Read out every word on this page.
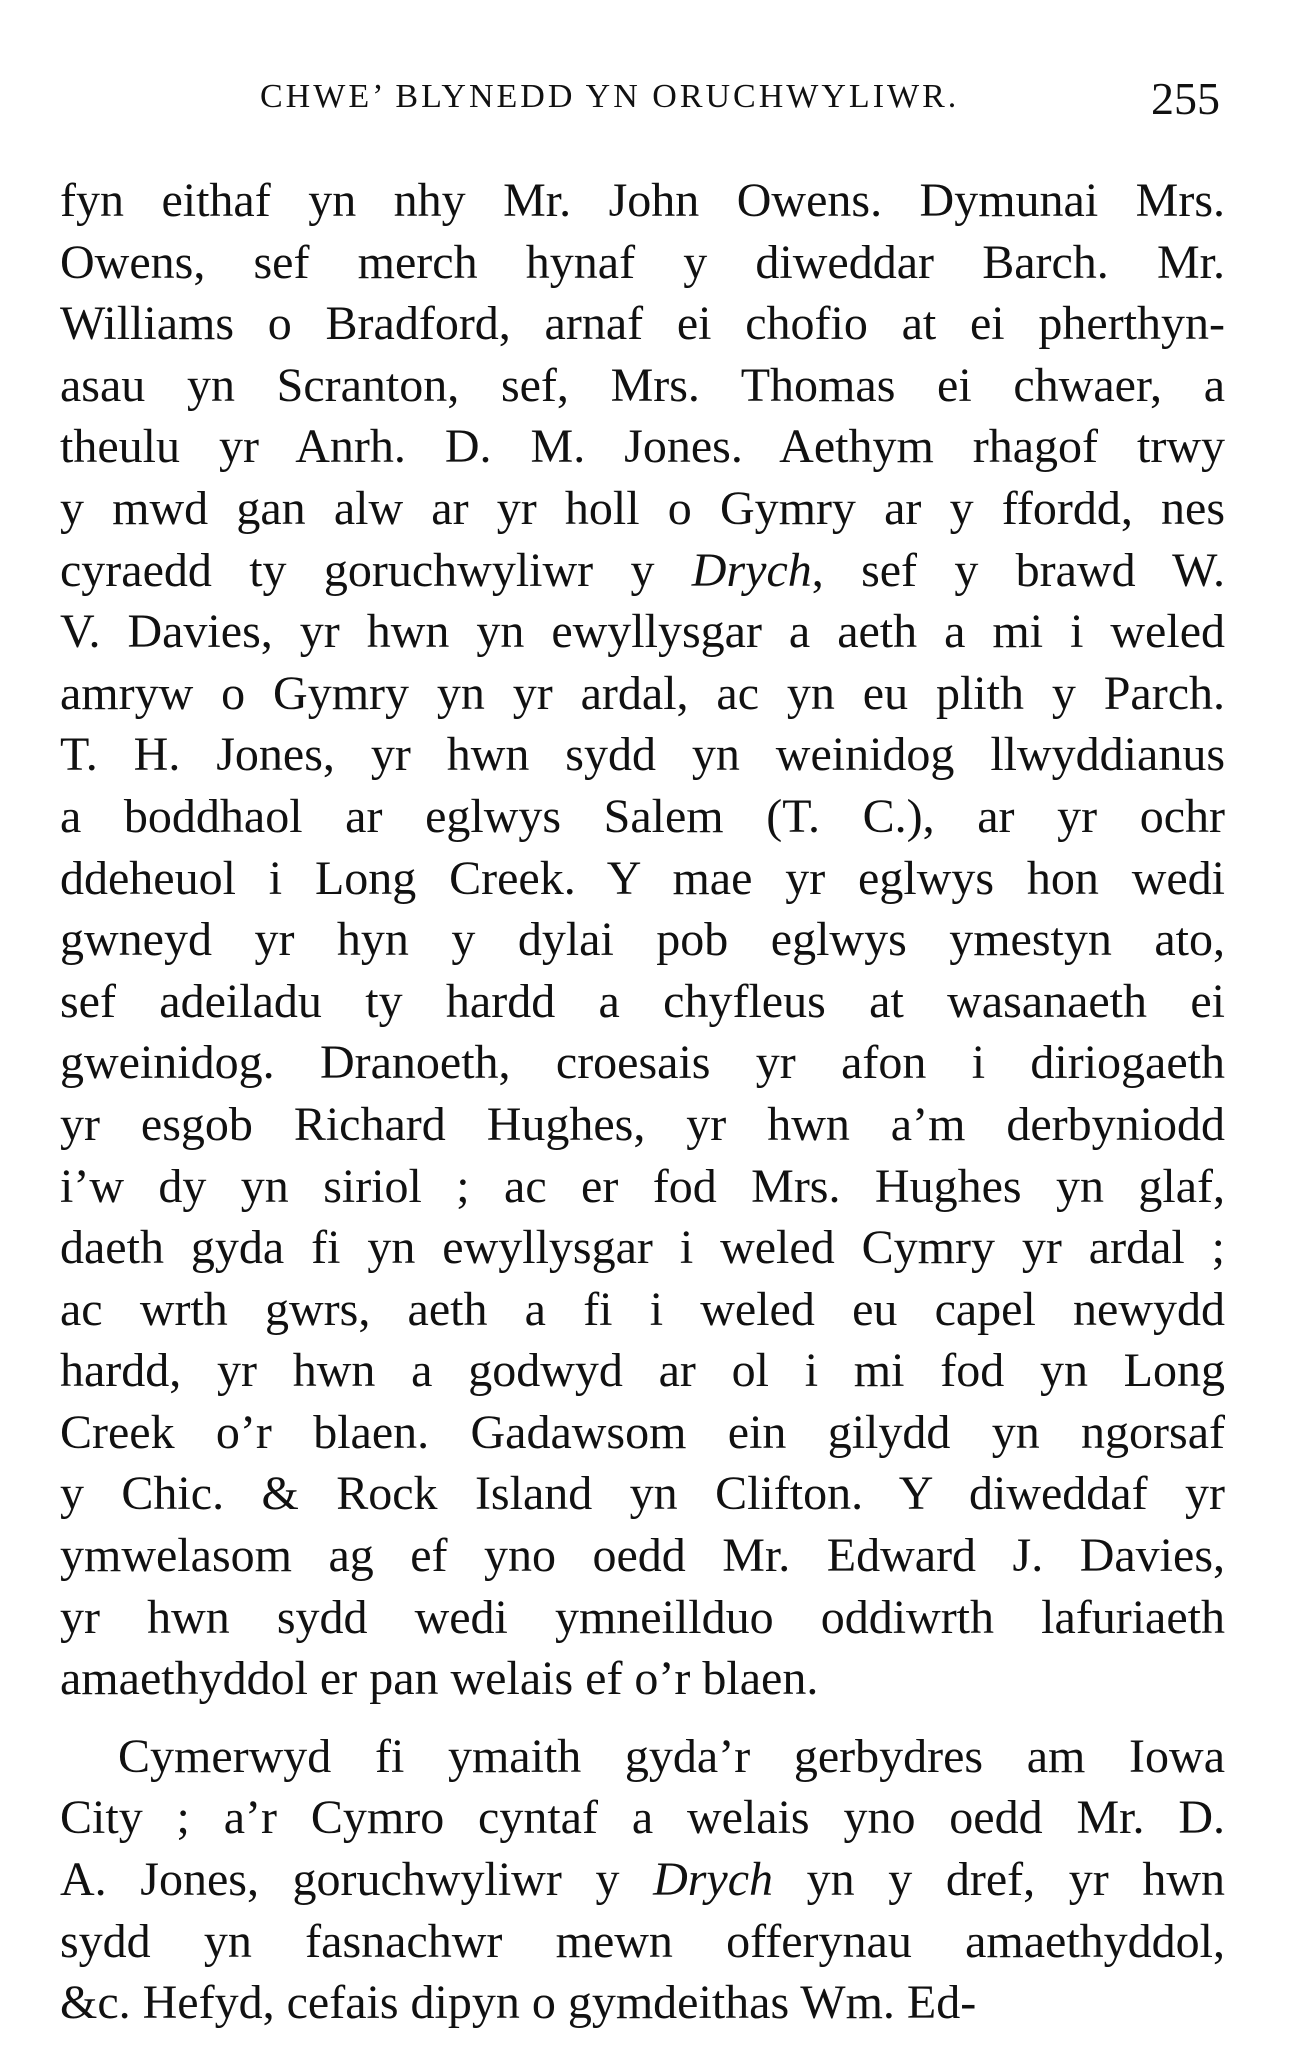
CHWE’ BLYNEDD YN ORUCHWYLIWR.	255
fyn eithaf yn nhy Mr. John Owens. Dymunai Mrs.
Owens, sef merch hynaf y diweddar Barch. Mr.
Williams o Bradford, arnaf ei chofio at ei pherthyn-
asau yn Scranton, sef, Mrs. Thomas ei chwaer, a
theulu yr Anrh. D. M. Jones. Aethym rhagof trwy
y mwd gan alw ar yr holl o Gymry ar y ffordd, nes
cyraedd ty goruchwyliwr y Drych, sef y brawd W.
V. Davies, yr hwn yn ewyllysgar a aeth a mi i weled
amryw o Gymry yn yr ardal, ac yn eu plith y Parch.
T. H. Jones, yr hwn sydd yn weinidog llwyddianus
a boddhaol ar eglwys Salem (T. C.), ar yr ochr
ddeheuol i Long Creek. Y mae yr eglwys hon wedi
gwneyd yr hyn y dylai pob eglwys ymestyn ato,
sef adeiladu ty hardd a chyfleus at wasanaeth ei
gweinidog. Dranoeth, croesais yr afon i diriogaeth
yr esgob Richard Hughes, yr hwn a’m derbyniodd
i’w dy yn siriol ; ac er fod Mrs. Hughes yn glaf,
daeth gyda fi yn ewyllysgar i weled Cymry yr ardal ;
ac wrth gwrs, aeth a fi i weled eu capel newydd
hardd, yr hwn a godwyd ar ol i mi fod yn Long
Creek o’r blaen. Gadawsom ein gilydd yn ngorsaf
y Chic. & Rock Island yn Clifton. Y diweddaf yr
ymwelasom ag ef yno oedd Mr. Edward J. Davies,
yr hwn sydd wedi ymneillduo oddiwrth lafuriaeth
amaethyddol er pan welais ef o’r blaen.
Cymerwyd fi ymaith gyda’r gerbydres am Iowa
City ; a’r Cymro cyntaf a welais yno oedd Mr. D.
A. Jones, goruchwyliwr y Drych yn y dref, yr hwn
sydd yn fasnachwr mewn offerynau amaethyddol,
&c. Hefyd, cefais dipyn o gymdeithas Wm. Ed-
